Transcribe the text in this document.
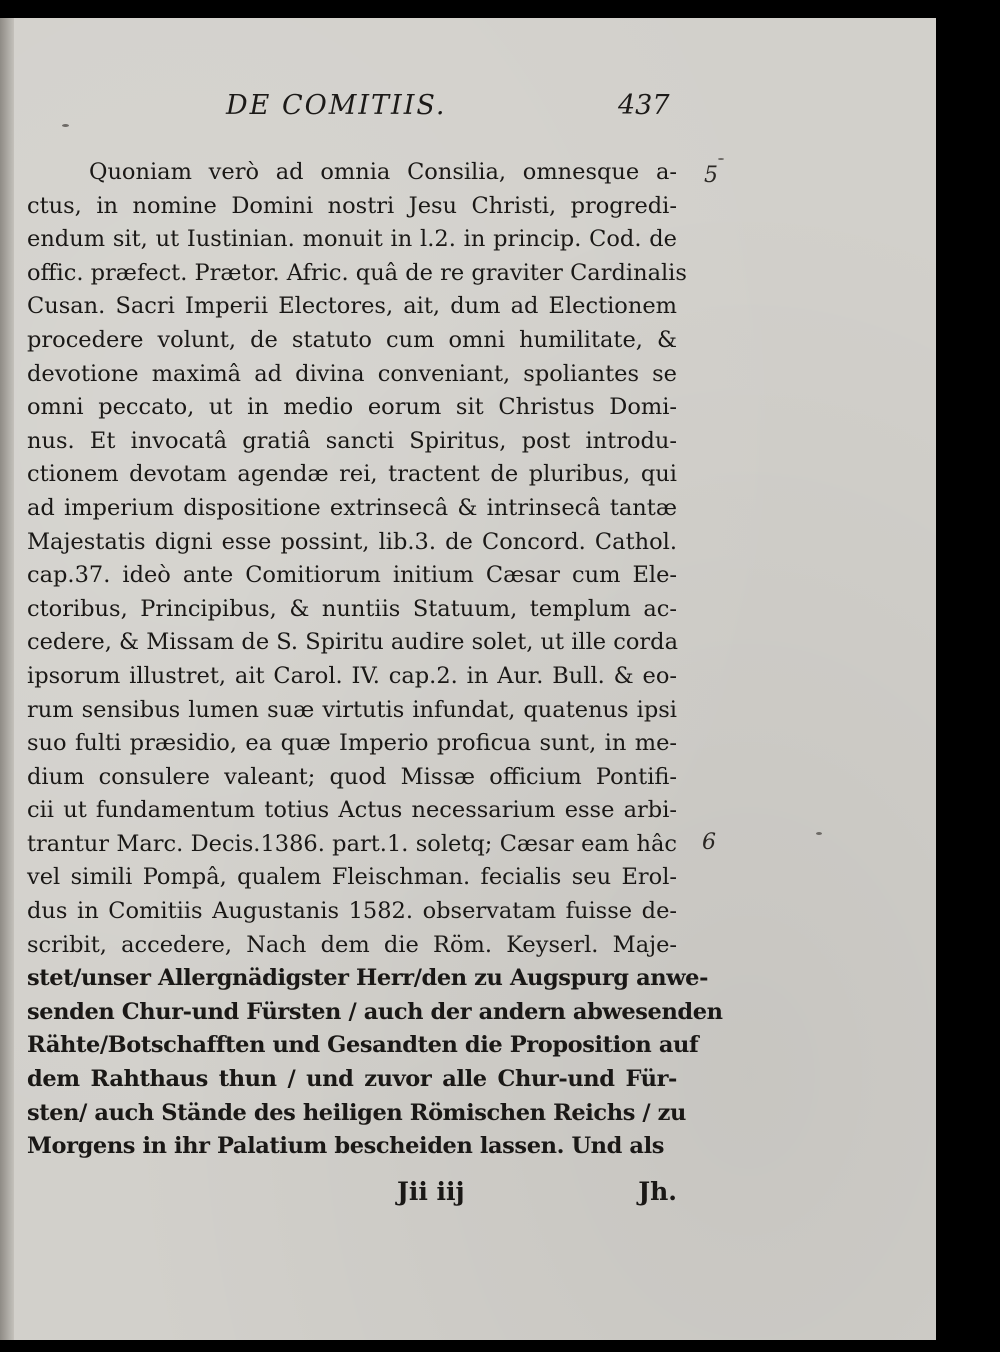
DE COMITIIS.	437
5
6
Quoniam verò ad omnia Consilia, omnesque a-
ctus, in nomine Domini nostri Jesu Christi, progredi-
endum sit, ut Iustinian. monuit in l.2. in princip. Cod. de
offic. præfect. Prætor. Afric. quâ de re graviter Cardinalis
Cusan. Sacri Imperii Electores, ait, dum ad Electionem
procedere volunt, de statuto cum omni humilitate, &
devotione maximâ ad divina conveniant, spoliantes se
omni peccato, ut in medio eorum sit Christus Domi-
nus. Et invocatâ gratiâ sancti Spiritus, post introdu-
ctionem devotam agendæ rei, tractent de pluribus, qui
ad imperium dispositione extrinsecâ & intrinsecâ tantæ
Majestatis digni esse possint, lib.3. de Concord. Cathol.
cap.37. ideò ante Comitiorum initium Cæsar cum Ele-
ctoribus, Principibus, & nuntiis Statuum, templum ac-
cedere, & Missam de S. Spiritu audire solet, ut ille corda
ipsorum illustret, ait Carol. IV. cap.2. in Aur. Bull. & eo-
rum sensibus lumen suæ virtutis infundat, quatenus ipsi
suo fulti præsidio, ea quæ Imperio proficua sunt, in me-
dium consulere valeant; quod Missæ officium Pontifi-
cii ut fundamentum totius Actus necessarium esse arbi-
trantur Marc. Decis.1386. part.1. soletq; Cæsar eam hâc
vel simili Pompâ, qualem Fleischman. fecialis seu Erol-
dus in Comitiis Augustanis 1582. observatam fuisse de-
scribit, accedere, Nach dem die Röm. Keyserl. Maje-
stet/unser Allergnädigster Herr/den zu Augspurg anwe-
senden Chur-und Fürsten / auch der andern abwesenden
Rähte/Botschafften und Gesandten die Proposition auf
dem Rahthaus thun / und zuvor alle Chur-und Für-
sten/ auch Stände des heiligen Römischen Reichs / zu
Morgens in ihr Palatium bescheiden lassen. Und als
Jii iij	Jh.
